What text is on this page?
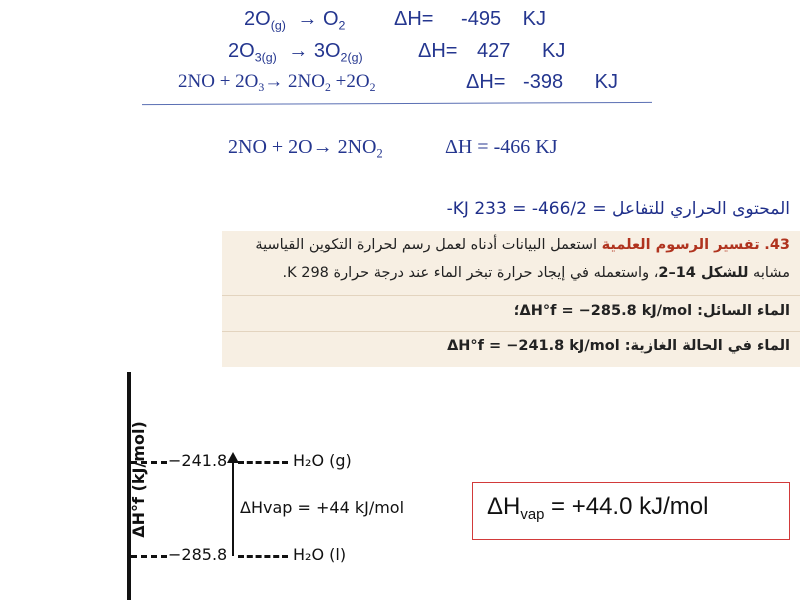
$2O_{(g)} \to O_2$ ΔH= -495 KJ
$2O_{3(g)} \to 3O_{2(g)}$	ΔH= 427 KJ
$2NO + 2O_3\to 2NO_2 +2O_2$	ΔH= -398 KJ
$2NO + 2O\to 2NO_2$	ΔH = -466 KJ
المحتوى الحراري للتفاعل = 466/2- = KJ 233-
43. تفسير الرسوم العلمية استعمل البيانات أدناه لعمل رسم لحرارة التكوين القياسية
مشابه للشكل 14–2، واستعمله في إيجاد حرارة تبخر الماء عند درجة حرارة 298 K.
الماء السائل: ΔH°f = −285.8 kJ/mol؛
الماء في الحالة الغازية: ΔH°f = −241.8 kJ/mol
ΔH°f (kJ/mol) −241.8	H₂O (g)
−285.8	H₂O (l)
ΔHvap = +44 kJ/mol	$\Delta H_{vap} = +44.0$ kJ/mol
